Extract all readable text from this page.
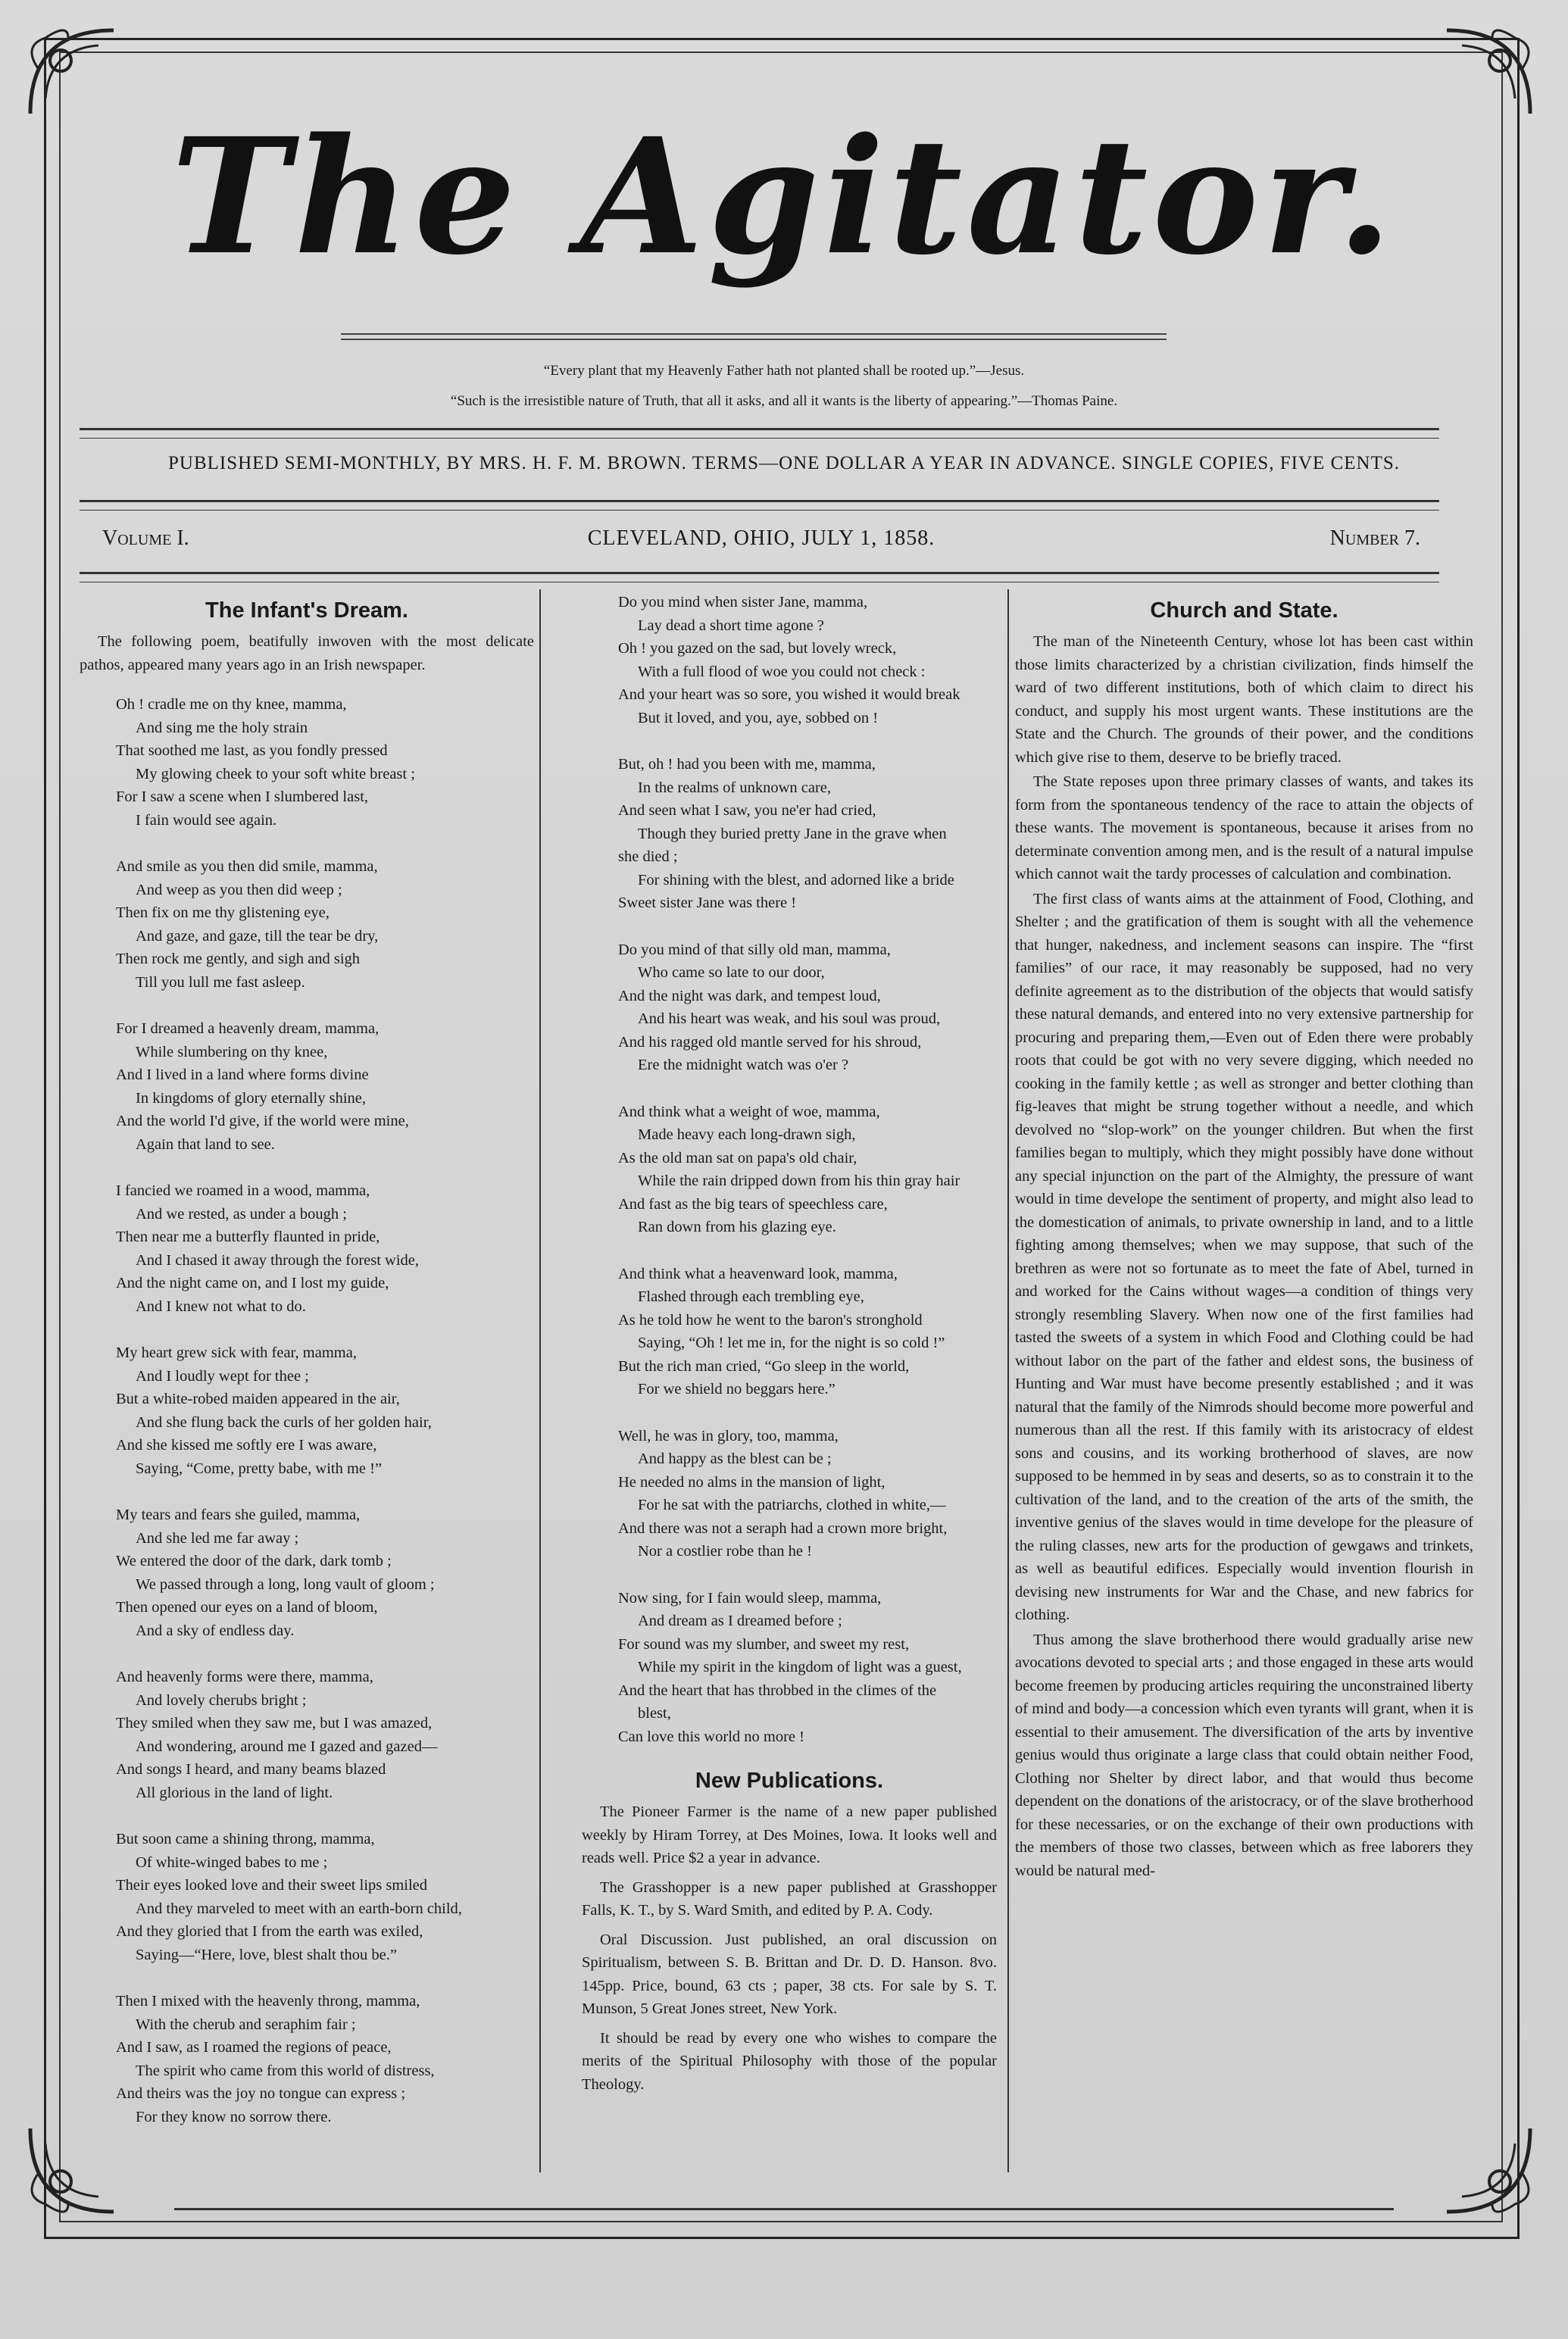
The Agitator.
“Every plant that my Heavenly Father hath not planted shall be rooted up.”—Jesus.
“Such is the irresistible nature of Truth, that all it asks, and all it wants is the liberty of appearing.”—Thomas Paine.
PUBLISHED SEMI-MONTHLY, BY MRS. H. F. M. BROWN. TERMS—ONE DOLLAR A YEAR IN ADVANCE. SINGLE COPIES, FIVE CENTS.
Volume I.	CLEVELAND, OHIO, JULY 1, 1858.	Number 7.
The Infant's Dream.

The following poem, beatifully inwoven with the most delicate pathos, appeared many years ago in an Irish newspaper.

Oh ! cradle me on thy knee, mamma,
And sing me the holy strain
That soothed me last, as you fondly pressed
My glowing cheek to your soft white breast ;
For I saw a scene when I slumbered last,
I fain would see again.
And smile as you then did smile, mamma,
And weep as you then did weep ;
Then fix on me thy glistening eye,
And gaze, and gaze, till the tear be dry,
Then rock me gently, and sigh and sigh
Till you lull me fast asleep.
For I dreamed a heavenly dream, mamma,
While slumbering on thy knee,
And I lived in a land where forms divine
In kingdoms of glory eternally shine,
And the world I'd give, if the world were mine,
Again that land to see.
I fancied we roamed in a wood, mamma,
And we rested, as under a bough ;
Then near me a butterfly flaunted in pride,
And I chased it away through the forest wide,
And the night came on, and I lost my guide,
And I knew not what to do.
My heart grew sick with fear, mamma,
And I loudly wept for thee ;
But a white-robed maiden appeared in the air,
And she flung back the curls of her golden hair,
And she kissed me softly ere I was aware,
Saying, “Come, pretty babe, with me !”
My tears and fears she guiled, mamma,
And she led me far away ;
We entered the door of the dark, dark tomb ;
We passed through a long, long vault of gloom ;
Then opened our eyes on a land of bloom,
And a sky of endless day.
And heavenly forms were there, mamma,
And lovely cherubs bright ;
They smiled when they saw me, but I was amazed,
And wondering, around me I gazed and gazed—
And songs I heard, and many beams blazed
All glorious in the land of light.
But soon came a shining throng, mamma,
Of white-winged babes to me ;
Their eyes looked love and their sweet lips smiled
And they marveled to meet with an earth-born child,
And they gloried that I from the earth was exiled,
Saying—“Here, love, blest shalt thou be.”
Then I mixed with the heavenly throng, mamma,
With the cherub and seraphim fair ;
And I saw, as I roamed the regions of peace,
The spirit who came from this world of distress,
And theirs was the joy no tongue can express ;
For they know no sorrow there.
Do you mind when sister Jane, mamma,
Lay dead a short time agone ?
Oh ! you gazed on the sad, but lovely wreck,
With a full flood of woe you could not check :
And your heart was so sore, you wished it would break
But it loved, and you, aye, sobbed on !
But, oh ! had you been with me, mamma,
In the realms of unknown care,
And seen what I saw, you ne'er had cried,
Though they buried pretty Jane in the grave when
she died ;
For shining with the blest, and adorned like a bride
Sweet sister Jane was there !
Do you mind of that silly old man, mamma,
Who came so late to our door,
And the night was dark, and tempest loud,
And his heart was weak, and his soul was proud,
And his ragged old mantle served for his shroud,
Ere the midnight watch was o'er ?
And think what a weight of woe, mamma,
Made heavy each long-drawn sigh,
As the old man sat on papa's old chair,
While the rain dripped down from his thin gray hair
And fast as the big tears of speechless care,
Ran down from his glazing eye.
And think what a heavenward look, mamma,
Flashed through each trembling eye,
As he told how he went to the baron's stronghold
Saying, “Oh ! let me in, for the night is so cold !”
But the rich man cried, “Go sleep in the world,
For we shield no beggars here.”
Well, he was in glory, too, mamma,
And happy as the blest can be ;
He needed no alms in the mansion of light,
For he sat with the patriarchs, clothed in white,—
And there was not a seraph had a crown more bright,
Nor a costlier robe than he !
Now sing, for I fain would sleep, mamma,
And dream as I dreamed before ;
For sound was my slumber, and sweet my rest,
While my spirit in the kingdom of light was a guest,
And the heart that has throbbed in the climes of the
blest,
Can love this world no more !
New Publications.

The Pioneer Farmer is the name of a new paper published weekly by Hiram Torrey, at Des Moines, Iowa. It looks well and reads well. Price $2 a year in advance.

The Grasshopper is a new paper published at Grasshopper Falls, K. T., by S. Ward Smith, and edited by P. A. Cody.

Oral Discussion. Just published, an oral discussion on Spiritualism, between S. B. Brittan and Dr. D. D. Hanson. 8vo. 145pp. Price, bound, 63 cts ; paper, 38 cts. For sale by S. T. Munson, 5 Great Jones street, New York.

It should be read by every one who wishes to compare the merits of the Spiritual Philosophy with those of the popular Theology.

Church and State.

The man of the Nineteenth Century, whose lot has been cast within those limits characterized by a christian civilization, finds himself the ward of two different institutions, both of which claim to direct his conduct, and supply his most urgent wants. These institutions are the State and the Church. The grounds of their power, and the conditions which give rise to them, deserve to be briefly traced.

The State reposes upon three primary classes of wants, and takes its form from the spontaneous tendency of the race to attain the objects of these wants. The movement is spontaneous, because it arises from no determinate convention among men, and is the result of a natural impulse which cannot wait the tardy processes of calculation and combination.

The first class of wants aims at the attainment of Food, Clothing, and Shelter ; and the gratification of them is sought with all the vehemence that hunger, nakedness, and inclement seasons can inspire. The “first families” of our race, it may reasonably be supposed, had no very definite agreement as to the distribution of the objects that would satisfy these natural demands, and entered into no very extensive partnership for procuring and preparing them,—Even out of Eden there were probably roots that could be got with no very severe digging, which needed no cooking in the family kettle ; as well as stronger and better clothing than fig-leaves that might be strung together without a needle, and which devolved no “slop-work” on the younger children. But when the first families began to multiply, which they might possibly have done without any special injunction on the part of the Almighty, the pressure of want would in time develope the sentiment of property, and might also lead to the domestication of animals, to private ownership in land, and to a little fighting among themselves; when we may suppose, that such of the brethren as were not so fortunate as to meet the fate of Abel, turned in and worked for the Cains without wages—a condition of things very strongly resembling Slavery. When now one of the first families had tasted the sweets of a system in which Food and Clothing could be had without labor on the part of the father and eldest sons, the business of Hunting and War must have become presently established ; and it was natural that the family of the Nimrods should become more powerful and numerous than all the rest. If this family with its aristocracy of eldest sons and cousins, and its working brotherhood of slaves, are now supposed to be hemmed in by seas and deserts, so as to constrain it to the cultivation of the land, and to the creation of the arts of the smith, the inventive genius of the slaves would in time develope for the pleasure of the ruling classes, new arts for the production of gewgaws and trinkets, as well as beautiful edifices. Especially would invention flourish in devising new instruments for War and the Chase, and new fabrics for clothing.

Thus among the slave brotherhood there would gradually arise new avocations devoted to special arts ; and those engaged in these arts would become freemen by producing articles requiring the unconstrained liberty of mind and body—a concession which even tyrants will grant, when it is essential to their amusement. The diversification of the arts by inventive genius would thus originate a large class that could obtain neither Food, Clothing nor Shelter by direct labor, and that would thus become dependent on the donations of the aristocracy, or of the slave brotherhood for these necessaries, or on the exchange of their own productions with the members of those two classes, between which as free laborers they would be natural med-
